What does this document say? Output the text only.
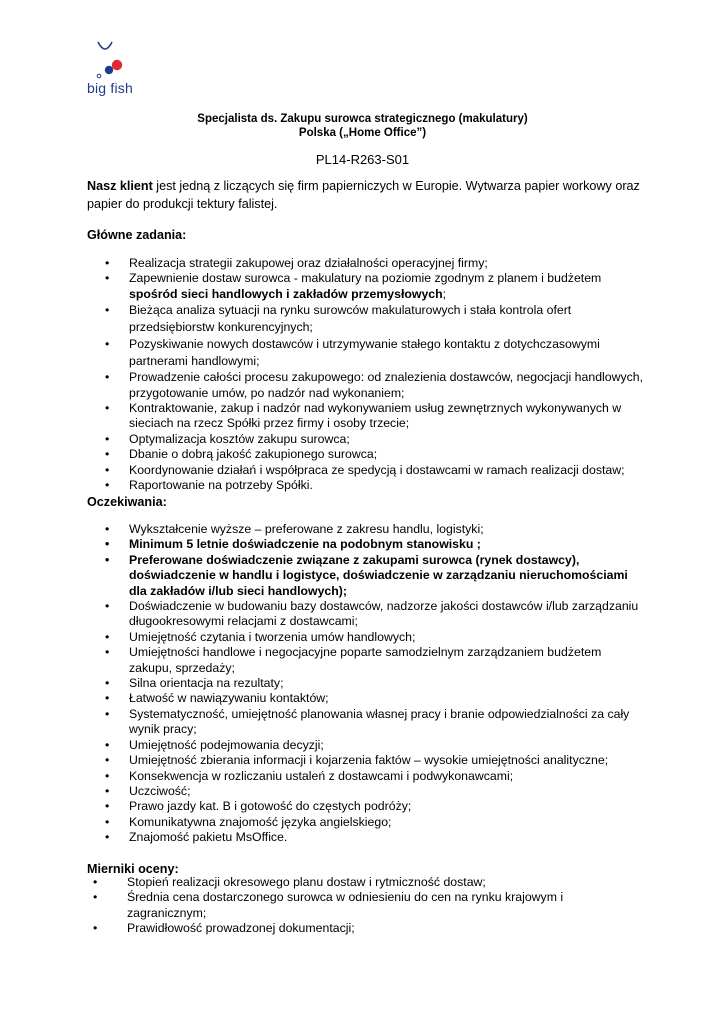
big fish
Specjalista ds. Zakupu surowca strategicznego (makulatury)
Polska („Home Office”)
PL14-R263-S01
Nasz klient jest jedną z liczących się firm papierniczych w Europie. Wytwarza papier workowy oraz papier do produkcji tektury falistej.
Główne zadania:
• Realizacja strategii zakupowej oraz działalności operacyjnej firmy;
• Zapewnienie dostaw surowca - makulatury na poziomie zgodnym z planem i budżetem spośród sieci handlowych i zakładów przemysłowych;
• Bieżąca analiza sytuacji na rynku surowców makulaturowych i stała kontrola ofert przedsiębiorstw konkurencyjnych;
• Pozyskiwanie nowych dostawców i utrzymywanie stałego kontaktu z dotychczasowymi partnerami handlowymi;
• Prowadzenie całości procesu zakupowego: od znalezienia dostawców, negocjacji handlowych, przygotowanie umów, po nadzór nad wykonaniem;
• Kontraktowanie, zakup i nadzór nad wykonywaniem usług zewnętrznych wykonywanych w sieciach na rzecz Spółki przez firmy i osoby trzecie;
• Optymalizacja kosztów zakupu surowca;
• Dbanie o dobrą jakość zakupionego surowca;
• Koordynowanie działań i współpraca ze spedycją i dostawcami w ramach realizacji dostaw;
• Raportowanie na potrzeby Spółki.
Oczekiwania:
• Wykształcenie wyższe – preferowane z zakresu handlu, logistyki;
• Minimum 5 letnie doświadczenie na podobnym stanowisku ;
• Preferowane doświadczenie związane z zakupami surowca (rynek dostawcy), doświadczenie w handlu i logistyce, doświadczenie w zarządzaniu nieruchomościami dla zakładów i/lub sieci handlowych);
• Doświadczenie w budowaniu bazy dostawców, nadzorze jakości dostawców i/lub zarządzaniu długookresowymi relacjami z dostawcami;
• Umiejętność czytania i tworzenia umów handlowych;
• Umiejętności handlowe i negocjacyjne poparte samodzielnym zarządzaniem budżetem zakupu, sprzedaży;
• Silna orientacja na rezultaty;
• Łatwość w nawiązywaniu kontaktów;
• Systematyczność, umiejętność planowania własnej pracy i branie odpowiedzialności za cały wynik pracy;
• Umiejętność podejmowania decyzji;
• Umiejętność zbierania informacji i kojarzenia faktów – wysokie umiejętności analityczne;
• Konsekwencja w rozliczaniu ustaleń z dostawcami i podwykonawcami;
• Uczciwość;
• Prawo jazdy kat. B i gotowość do częstych podróży;
• Komunikatywna znajomość języka angielskiego;
• Znajomość pakietu MsOffice.
Mierniki oceny:
• Stopień realizacji okresowego planu dostaw i rytmiczność dostaw;
• Średnia cena dostarczonego surowca w odniesieniu do cen na rynku krajowym i zagranicznym;
• Prawidłowość prowadzonej dokumentacji;
